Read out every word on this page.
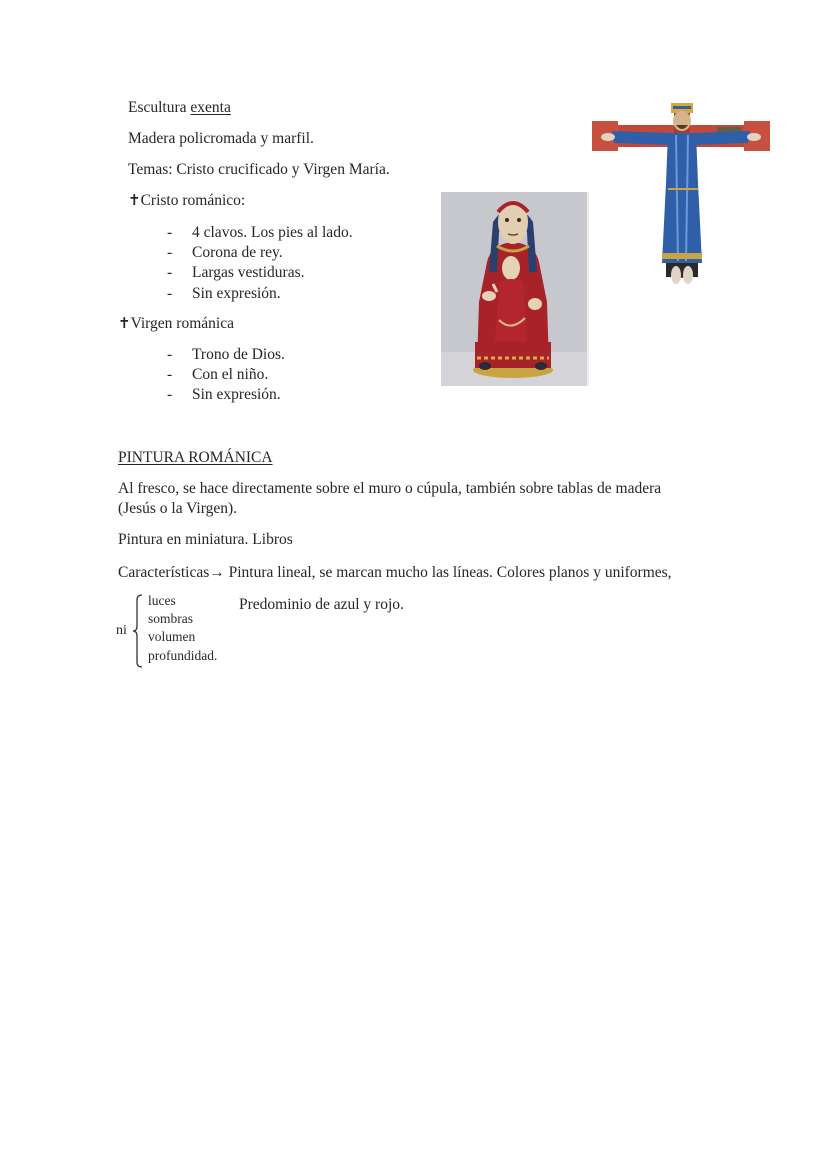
Escultura exenta
Madera policromada y marfil.
Temas: Cristo crucificado y Virgen María.
✝Cristo románico:
- 4 clavos. Los pies al lado.
- Corona de rey.
- Largas vestiduras.
- Sin expresión.
✝Virgen románica
- Trono de Dios.
- Con el niño.
- Sin expresión.
PINTURA ROMÁNICA
Al fresco, se hace directamente sobre el muro o cúpula, también sobre tablas de madera
(Jesús o la Virgen).
Pintura en miniatura. Libros
Características→ Pintura lineal, se marcan mucho las líneas. Colores planos y uniformes,
ni
luces
sombras
volumen
profundidad.
Predominio de azul y rojo.
